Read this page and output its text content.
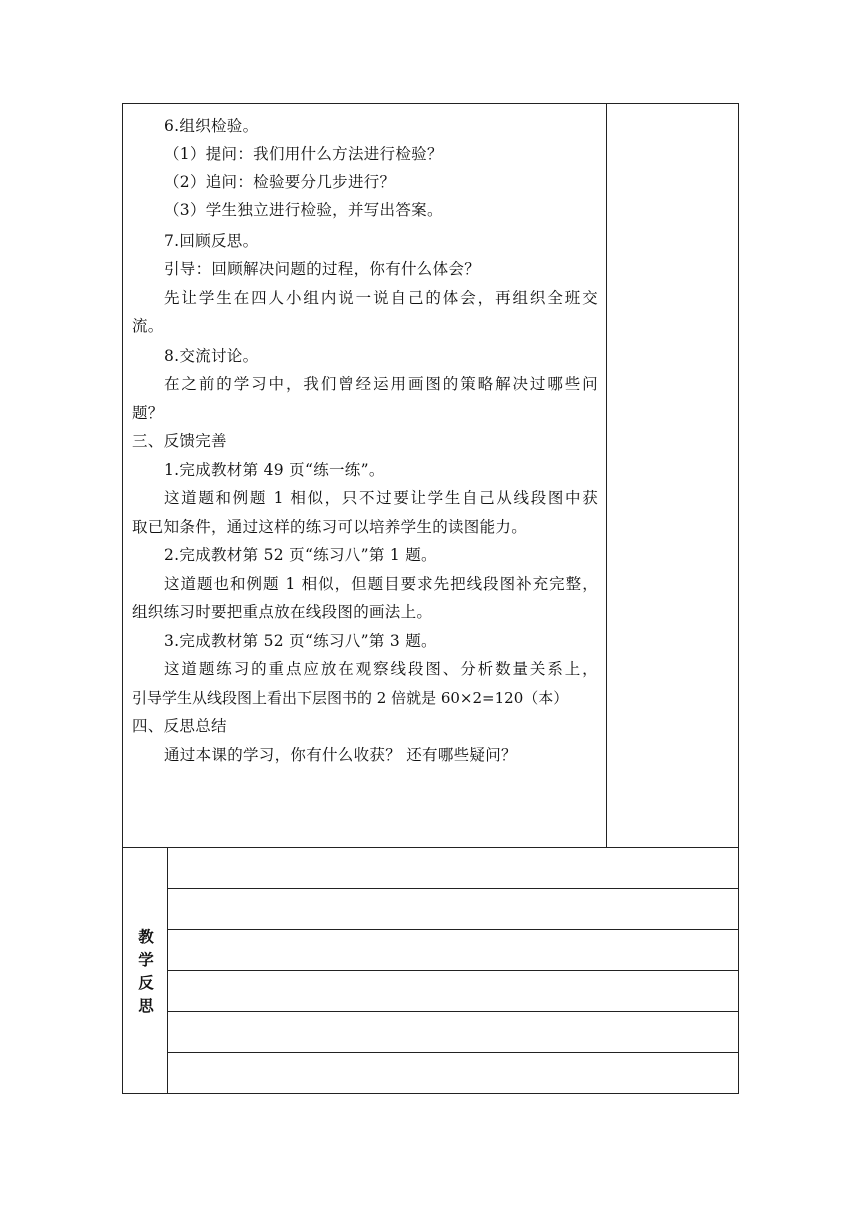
6.组织检验。
（1）提问：我们用什么方法进行检验？
（2）追问：检验要分几步进行？
（3）学生独立进行检验，并写出答案。
7.回顾反思。
引导：回顾解决问题的过程，你有什么体会？
先让学生在四人小组内说一说自己的体会，再组织全班交
流。
8.交流讨论。
在之前的学习中，我们曾经运用画图的策略解决过哪些问
题？
三、反馈完善
1.完成教材第 49 页“练一练”。
这道题和例题 1 相似，只不过要让学生自己从线段图中获
取已知条件，通过这样的练习可以培养学生的读图能力。
2.完成教材第 52 页“练习八”第 1 题。
这道题也和例题 1 相似，但题目要求先把线段图补充完整，
组织练习时要把重点放在线段图的画法上。
3.完成教材第 52 页“练习八”第 3 题。
这道题练习的重点应放在观察线段图、分析数量关系上，
引导学生从线段图上看出下层图书的 2 倍就是 60×2=120（本）
四、反思总结
通过本课的学习，你有什么收获？ 还有哪些疑问？
教
学
反
思
